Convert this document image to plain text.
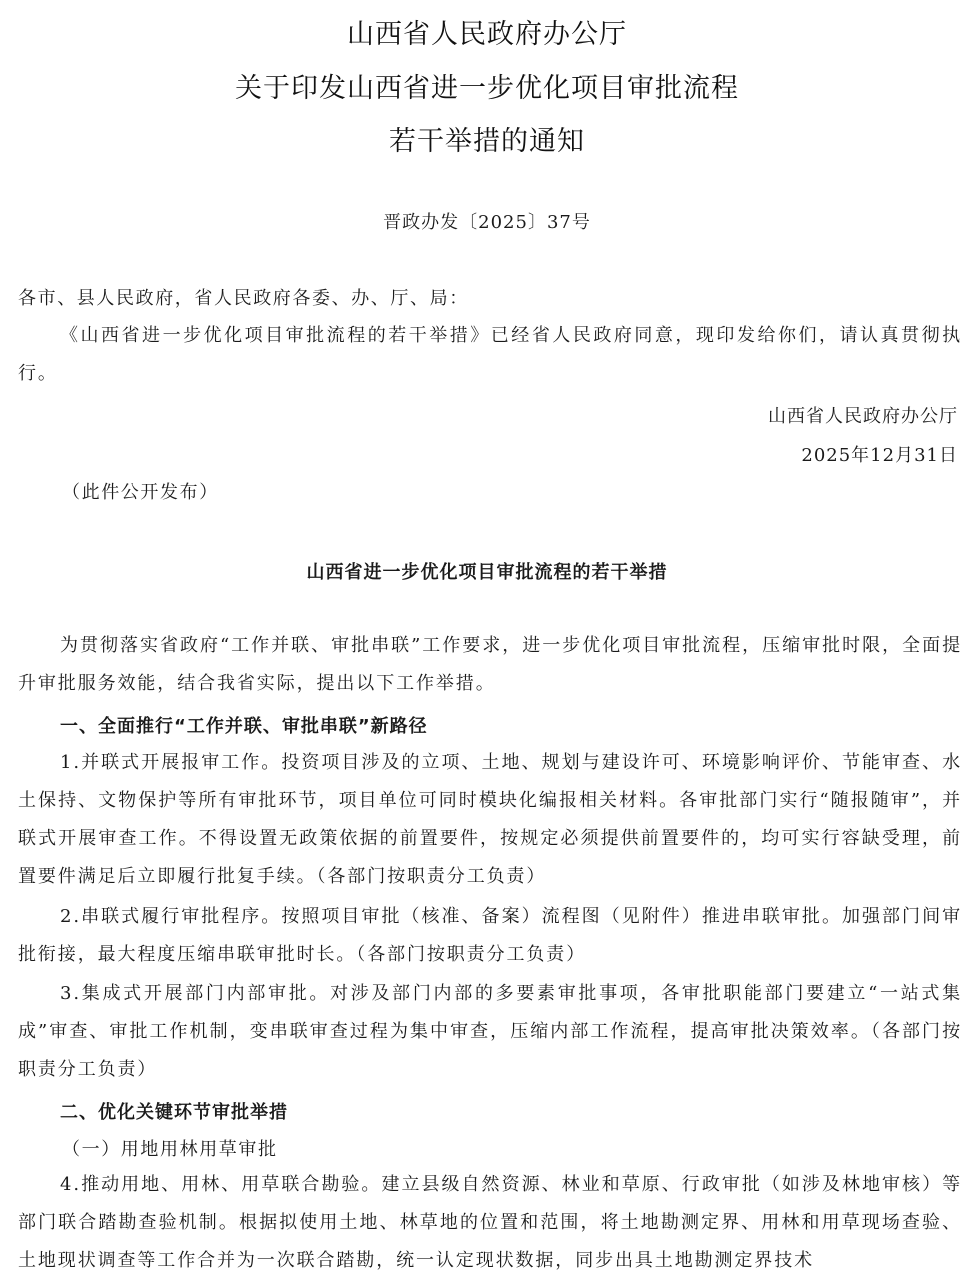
山西省人民政府办公厅
关于印发山西省进一步优化项目审批流程
若干举措的通知
晋政办发〔2025〕37号
各市、县人民政府，省人民政府各委、办、厅、局：
《山西省进一步优化项目审批流程的若干举措》已经省人民政府同意，现印发给你们，请认真贯彻执行。
山西省人民政府办公厅
2025年12月31日
（此件公开发布）
山西省进一步优化项目审批流程的若干举措
为贯彻落实省政府“工作并联、审批串联”工作要求，进一步优化项目审批流程，压缩审批时限，全面提升审批服务效能，结合我省实际，提出以下工作举措。
一、全面推行“工作并联、审批串联”新路径
1.并联式开展报审工作。投资项目涉及的立项、土地、规划与建设许可、环境影响评价、节能审查、水土保持、文物保护等所有审批环节，项目单位可同时模块化编报相关材料。各审批部门实行“随报随审”，并联式开展审查工作。不得设置无政策依据的前置要件，按规定必须提供前置要件的，均可实行容缺受理，前置要件满足后立即履行批复手续。（各部门按职责分工负责）
2.串联式履行审批程序。按照项目审批（核准、备案）流程图（见附件）推进串联审批。加强部门间审批衔接，最大程度压缩串联审批时长。（各部门按职责分工负责）
3.集成式开展部门内部审批。对涉及部门内部的多要素审批事项，各审批职能部门要建立“一站式集成”审查、审批工作机制，变串联审查过程为集中审查，压缩内部工作流程，提高审批决策效率。（各部门按职责分工负责）
二、优化关键环节审批举措
（一）用地用林用草审批
4.推动用地、用林、用草联合勘验。建立县级自然资源、林业和草原、行政审批（如涉及林地审核）等部门联合踏勘查验机制。根据拟使用土地、林草地的位置和范围，将土地勘测定界、用林和用草现场查验、土地现状调查等工作合并为一次联合踏勘，统一认定现状数据，同步出具土地勘测定界技术
